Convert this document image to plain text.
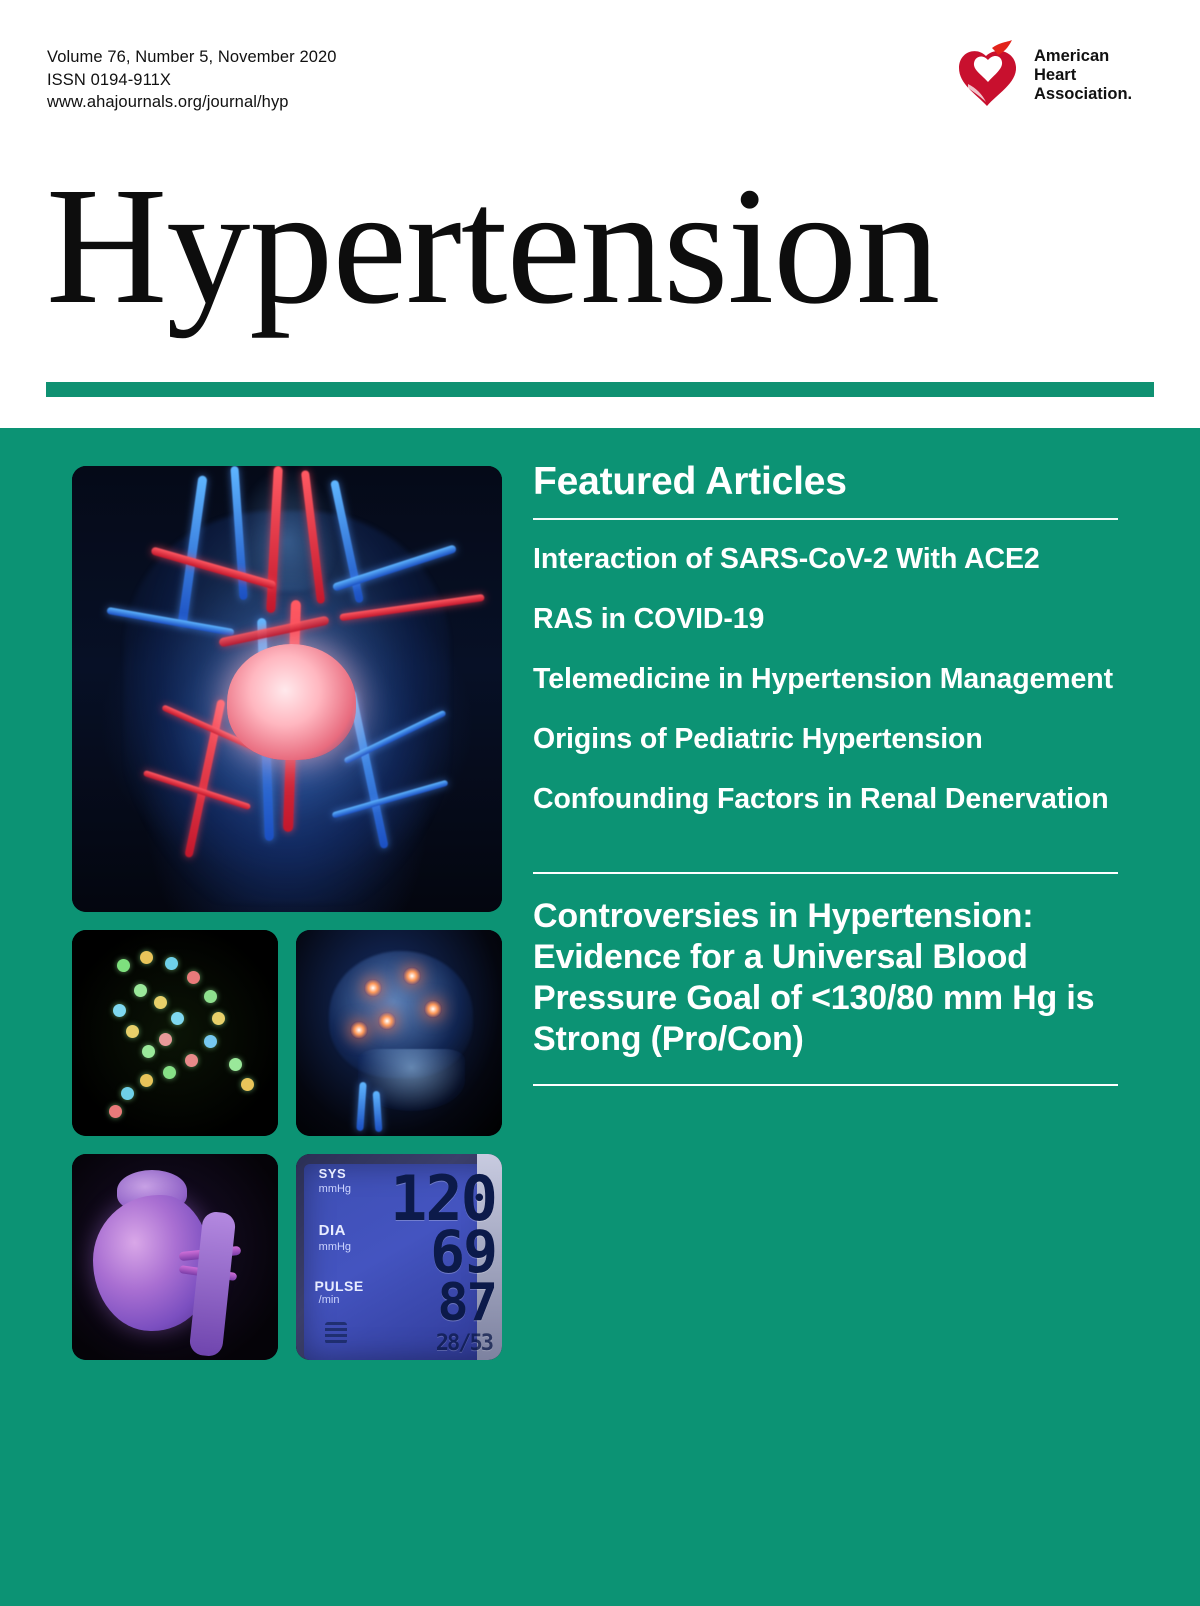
Volume 76, Number 5, November 2020
ISSN 0194-911X
www.ahajournals.org/journal/hyp
American
Heart
Association.
Hypertension
SYS
mmHg 120
DIA
mmHg 69
PULSE
/min 87
28/53
Featured Articles
Interaction of SARS-CoV-2 With ACE2
RAS in COVID-19
Telemedicine in Hypertension Management
Origins of Pediatric Hypertension
Confounding Factors in Renal Denervation

Controversies in Hypertension: Evidence for a Universal Blood Pressure Goal of <130/80 mm Hg is Strong (Pro/Con)
